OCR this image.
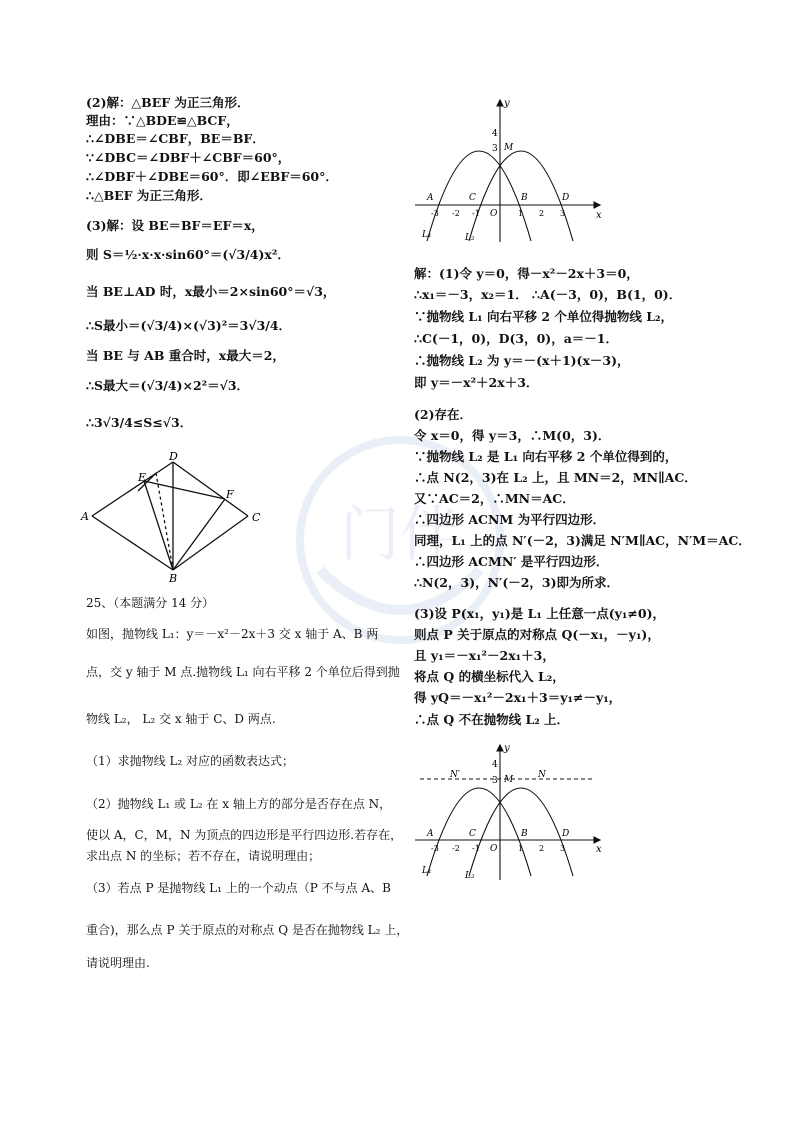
门伴
(2)解：△BEF 为正三角形．
理由：∵△BDE≌△BCF，
∴∠DBE＝∠CBF，BE＝BF．
∵∠DBC＝∠DBF＋∠CBF＝60°，
∴∠DBF＋∠DBE＝60°．即∠EBF＝60°．
∴△BEF 为正三角形．
(3)解：设 BE＝BF＝EF＝x，
则 S＝½·x·x·sin60°＝(√3/4)x²．
当 BE⊥AD 时，x最小＝2×sin60°＝√3，
∴S最小＝(√3/4)×(√3)²＝3√3/4．
当 BE 与 AB 重合时，x最大＝2，
∴S最大＝(√3/4)×2²＝√3．
∴3√3/4≤S≤√3．
D
E
F
A	C
B
25、（本题满分 14 分）
如图，抛物线 L₁：y＝－x²－2x＋3 交 x 轴于 A、B 两
点，交 y 轴于 M 点.抛物线 L₁ 向右平移 2 个单位后得到抛
物线 L₂， L₂ 交 x 轴于 C、D 两点.
（1）求抛物线 L₂ 对应的函数表达式；
（2）抛物线 L₁ 或 L₂ 在 x 轴上方的部分是否存在点 N，
使以 A，C，M，N 为顶点的四边形是平行四边形.若存在，
求出点 N 的坐标；若不存在，请说明理由；
（3）若点 P 是抛物线 L₁ 上的一个动点（P 不与点 A、B
重合)，那么点 P 关于原点的对称点 Q 是否在抛物线 L₂ 上，
请说明理由.
y
x
4
3 M
A	C	B	D
O
-3 -2 -1	1 2 3
L₁	L₂
解：(1)令 y＝0，得－x²－2x＋3＝0，
∴x₁＝－3，x₂＝1． ∴A(－3，0)，B(1，0)．
∵抛物线 L₁ 向右平移 2 个单位得抛物线 L₂，
∴C(－1，0)，D(3，0)，a＝－1．
∴抛物线 L₂ 为 y＝－(x＋1)(x－3)，
即 y＝－x²＋2x＋3．
(2)存在．
令 x＝0，得 y＝3，∴M(0，3)．
∵抛物线 L₂ 是 L₁ 向右平移 2 个单位得到的，
∴点 N(2，3)在 L₂ 上，且 MN＝2，MN∥AC．
又∵AC＝2，∴MN＝AC．
∴四边形 ACNM 为平行四边形．
同理，L₁ 上的点 N′(－2，3)满足 N′M∥AC，N′M＝AC．
∴四边形 ACMN′ 是平行四边形．
∴N(2，3)，N′(－2，3)即为所求．
(3)设 P(x₁，y₁)是 L₁ 上任意一点(y₁≠0)，
则点 P 关于原点的对称点 Q(－x₁，－y₁)，
且 y₁＝－x₁²－2x₁＋3，
将点 Q 的横坐标代入 L₂，
得 yQ＝－x₁²－2x₁＋3＝y₁≠－y₁，
∴点 Q 不在抛物线 L₂ 上．
y
x
4
3 M	N
N′
A	C	B	D
O
-3 -2 -1	1 2 3
L₁	L₂
